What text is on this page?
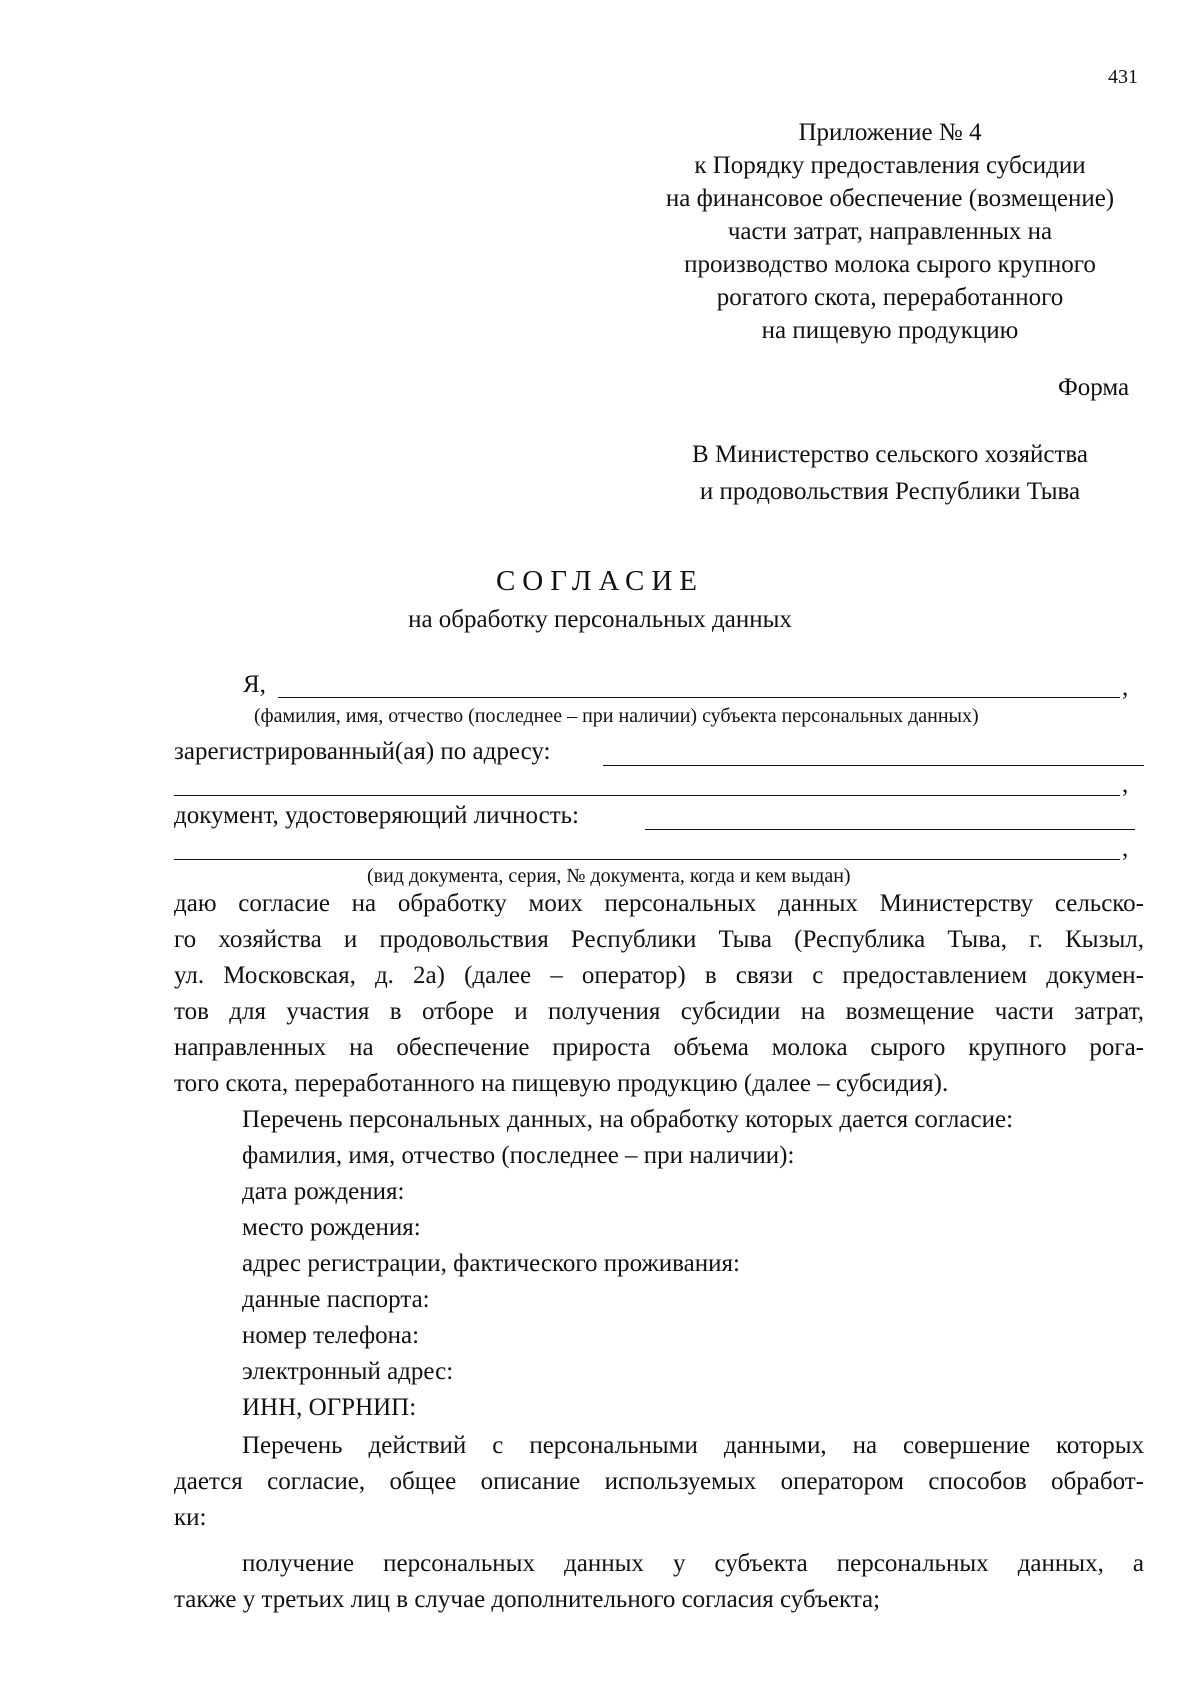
431
Приложение № 4
к Порядку предоставления субсидии
на финансовое обеспечение (возмещение)
части затрат, направленных на
производство молока сырого крупного
рогатого скота, переработанного
на пищевую продукцию
Форма
В Министерство сельского хозяйства
и продовольствия Республики Тыва
СОГЛАСИЕ
на обработку персональных данных
Я,	,
(фамилия, имя, отчество (последнее – при наличии) субъекта персональных данных)
зарегистрированный(ая) по адресу:
,
документ, удостоверяющий личность:
,
(вид документа, серия, № документа, когда и кем выдан)
даю согласие на обработку моих персональных данных Министерству сельско-
го хозяйства и продовольствия Республики Тыва (Республика Тыва, г. Кызыл,
ул. Московская, д. 2а) (далее – оператор) в связи с предоставлением докумен-
тов для участия в отборе и получения субсидии на возмещение части затрат,
направленных на обеспечение прироста объема молока сырого крупного рога-
того скота, переработанного на пищевую продукцию (далее – субсидия).
Перечень персональных данных, на обработку которых дается согласие:
фамилия, имя, отчество (последнее – при наличии):
дата рождения:
место рождения:
адрес регистрации, фактического проживания:
данные паспорта:
номер телефона:
электронный адрес:
ИНН, ОГРНИП:
Перечень действий с персональными данными, на совершение которых
дается согласие, общее описание используемых оператором способов обработ-
ки:
получение персональных данных у субъекта персональных данных, а
также у третьих лиц в случае дополнительного согласия субъекта;
